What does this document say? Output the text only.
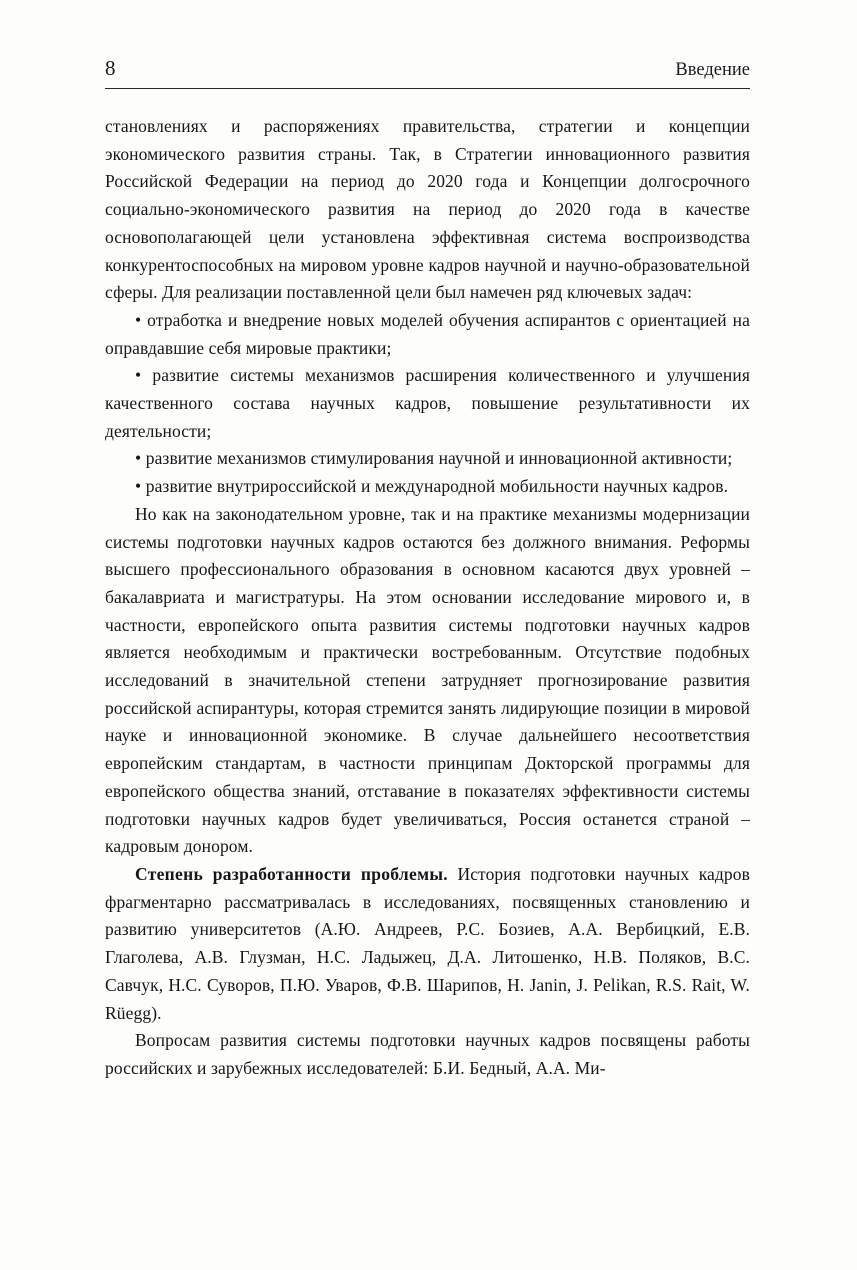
8	Введение

становлениях и распоряжениях правительства, стратегии и концепции экономического развития страны. Так, в Стратегии инновационного развития Российской Федерации на период до 2020 года и Концепции долгосрочного социально-экономического развития на период до 2020 года в качестве основополагающей цели установлена эффективная система воспроизводства конкурентоспособных на мировом уровне кадров научной и научно-образовательной сферы. Для реализации поставленной цели был намечен ряд ключевых задач:

• отработка и внедрение новых моделей обучения аспирантов с ориентацией на оправдавшие себя мировые практики;

• развитие системы механизмов расширения количественного и улучшения качественного состава научных кадров, повышение результативности их деятельности;

• развитие механизмов стимулирования научной и инновационной активности;

• развитие внутрироссийской и международной мобильности научных кадров.

Но как на законодательном уровне, так и на практике механизмы модернизации системы подготовки научных кадров остаются без должного внимания. Реформы высшего профессионального образования в основном касаются двух уровней – бакалавриата и магистратуры. На этом основании исследование мирового и, в частности, европейского опыта развития системы подготовки научных кадров является необходимым и практически востребованным. Отсутствие подобных исследований в значительной степени затрудняет прогнозирование развития российской аспирантуры, которая стремится занять лидирующие позиции в мировой науке и инновационной экономике. В случае дальнейшего несоответствия европейским стандартам, в частности принципам Докторской программы для европейского общества знаний, отставание в показателях эффективности системы подготовки научных кадров будет увеличиваться, Россия останется страной – кадровым донором.

Степень разработанности проблемы. История подготовки научных кадров фрагментарно рассматривалась в исследованиях, посвященных становлению и развитию университетов (А.Ю. Андреев, Р.С. Бозиев, А.А. Вербицкий, Е.В. Глаголева, А.В. Глузман, Н.С. Ладыжец, Д.А. Литошенко, Н.В. Поляков, В.С. Савчук, Н.С. Суворов, П.Ю. Уваров, Ф.В. Шарипов, H. Janin, J. Pelikan, R.S. Rait, W. Rüegg).

Вопросам развития системы подготовки научных кадров посвящены работы российских и зарубежных исследователей: Б.И. Бедный, А.А. Ми-
